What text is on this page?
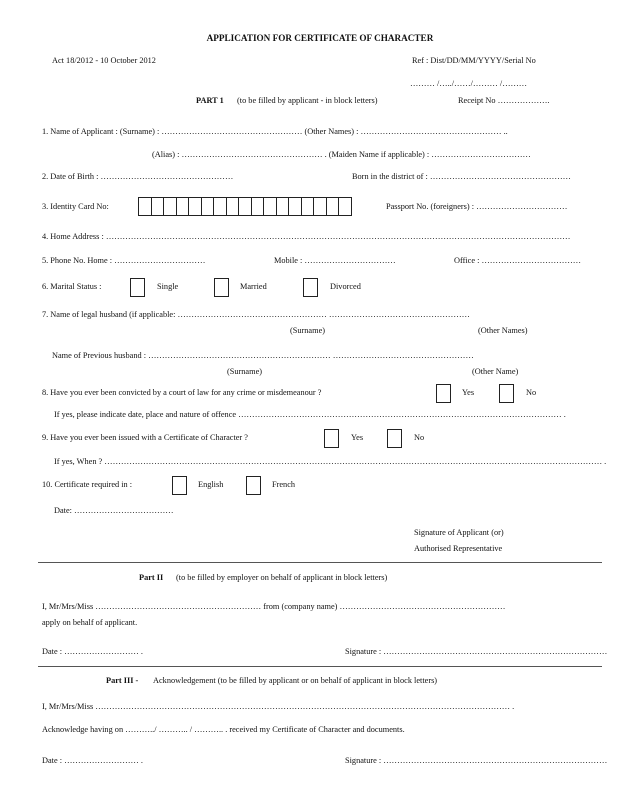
APPLICATION FOR CERTIFICATE OF CHARACTER
Act 18/2012 - 10 October 2012	Ref : Dist/DD/MM/YYYY/Serial No
……… /…../……/……… /………
PART 1 (to be filled by applicant - in block letters)	Receipt No ……………….
1. Name of Applicant : (Surname) : …………………………………………… (Other Names) : …………………………………………… ..
(Alias) : …………………………………………… . (Maiden Name if applicable) : ………………………………
2. Date of Birth : …………………………………………	Born in the district of : ……………………………………………
3. Identity Card No:	Passport No. (foreigners) : ……………………………
4. Home Address : ……………………………………………………………………………………………………………………………………………………
5. Phone No. Home : ……………………………	Mobile : ……………………………	Office : ………………………………
6. Marital Status :	Single	Married	Divorced
7. Name of legal husband (if applicable: ……………………………………………… ……………………………………………
(Surname)	(Other Names)
Name of Previous husband : ………………………………………………………… ……………………………………………
(Surname)	(Other Name)
8. Have you ever been convicted by a court of law for any crime or misdemeanour ?	Yes	No
If yes, please indicate date, place and nature of offence ……………………………………………………………………………………………………… .
9. Have you ever been issued with a Certificate of Character ?	Yes	No
If yes, When ? ……………………………………………………………………………………………………………………………………………………………… .
10. Certificate required in :	English	French
Date: ………………………………
Signature of Applicant (or)
Authorised Representative
Part II (to be filled by employer on behalf of applicant in block letters)
I, Mr/Mrs/Miss …………………………………………………… from (company name) ……………………………………………………
apply on behalf of applicant.
Date : ……………………… .	Signature : ………………………………………………………………………
Part III - Acknowledgement (to be filled by applicant or on behalf of applicant in block letters)
I, Mr/Mrs/Miss …………………………………………………………………………………………………………………………………… .
Acknowledge having on ………../ ……….. / ……….. . received my Certificate of Character and documents.
Date : ……………………… .	Signature : ………………………………………………………………………
